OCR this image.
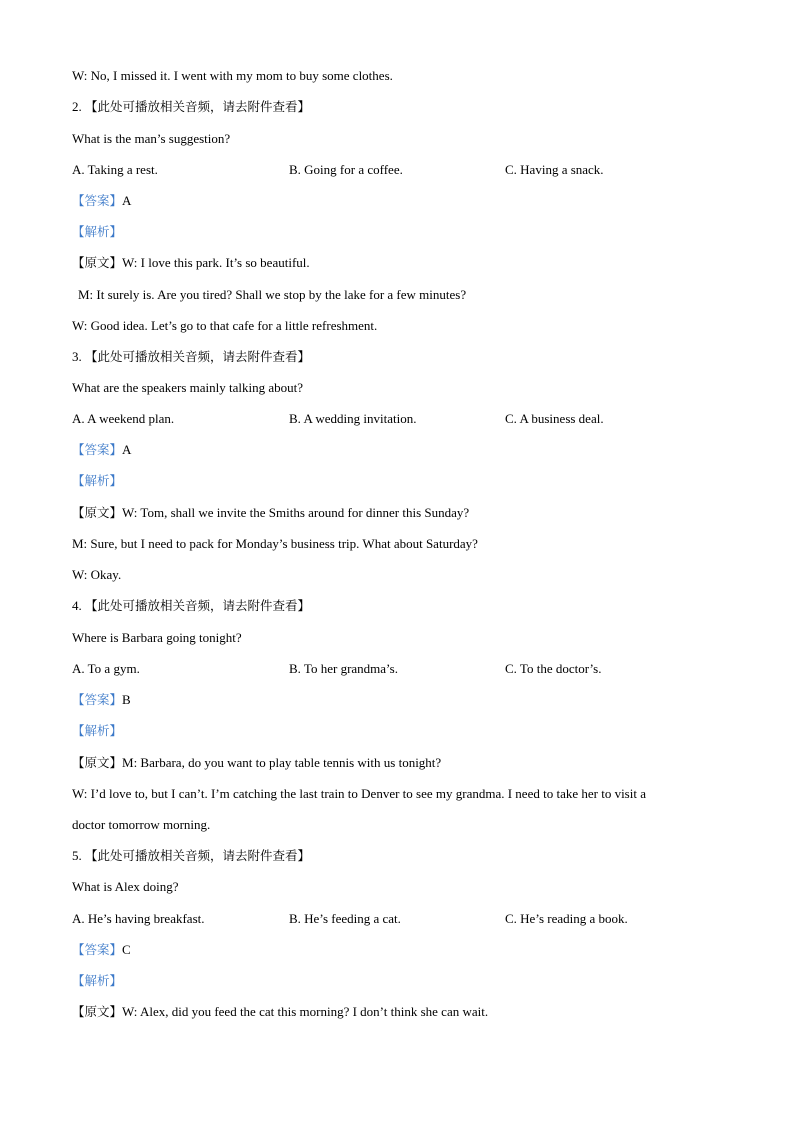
W: No, I missed it. I went with my mom to buy some clothes.
2. 【此处可播放相关音频，请去附件查看】
What is the man’s suggestion?
A. Taking a rest.	B. Going for a coffee.	C. Having a snack.
【答案】A
【解析】
【原文】W: I love this park. It’s so beautiful.
M: It surely is. Are you tired? Shall we stop by the lake for a few minutes?
W: Good idea. Let’s go to that cafe for a little refreshment.
3. 【此处可播放相关音频，请去附件查看】
What are the speakers mainly talking about?
A. A weekend plan.	B. A wedding invitation.	C. A business deal.
【答案】A
【解析】
【原文】W: Tom, shall we invite the Smiths around for dinner this Sunday?
M: Sure, but I need to pack for Monday’s business trip. What about Saturday?
W: Okay.
4. 【此处可播放相关音频，请去附件查看】
Where is Barbara going tonight?
A. To a gym.	B. To her grandma’s.	C. To the doctor’s.
【答案】B
【解析】
【原文】M: Barbara, do you want to play table tennis with us tonight?
W: I’d love to, but I can’t. I’m catching the last train to Denver to see my grandma. I need to take her to visit a
doctor tomorrow morning.
5. 【此处可播放相关音频，请去附件查看】
What is Alex doing?
A. He’s having breakfast.	B. He’s feeding a cat.	C. He’s reading a book.
【答案】C
【解析】
【原文】W: Alex, did you feed the cat this morning? I don’t think she can wait.
